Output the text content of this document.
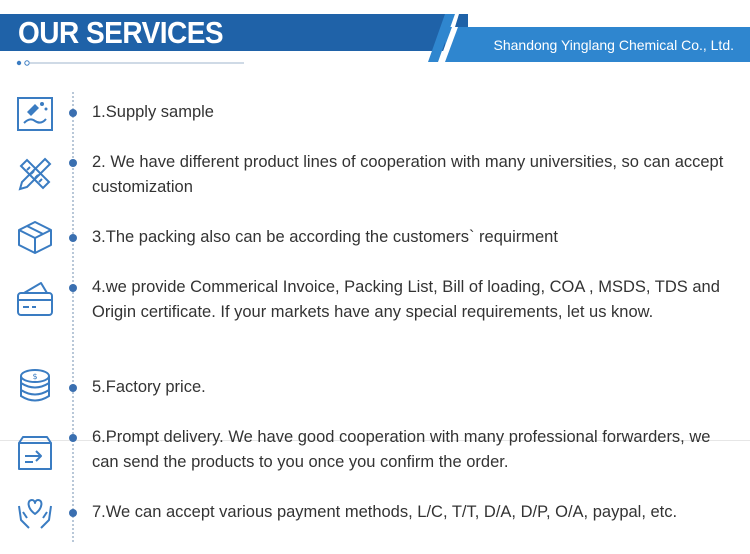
OUR SERVICES	Shandong Yinglang Chemical Co., Ltd.
1.Supply sample
2. We have different product lines of cooperation with many universities, so can accept customization
3.The packing also can be according the customers` requirment
4.we provide Commerical Invoice, Packing List, Bill of loading, COA , MSDS, TDS and Origin certificate. If your markets have any special requirements, let us know.
$
5.Factory price.
6.Prompt delivery. We have good cooperation with many professional forwarders, we can send the products to you once you confirm the order.
7.We can accept various payment methods, L/C, T/T, D/A, D/P, O/A, paypal, etc.
